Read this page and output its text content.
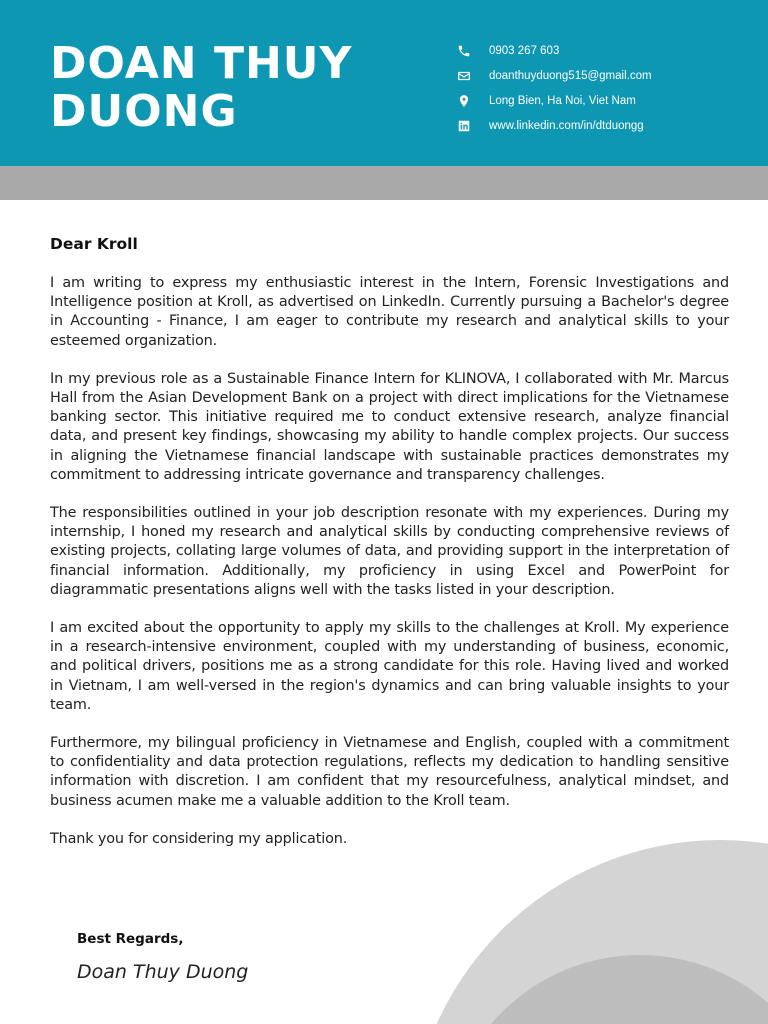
DOAN THUY
DUONG
0903 267 603
doanthuyduong515@gmail.com
Long Bien, Ha Noi, Viet Nam
www.linkedin.com/in/dtduongg

Dear Kroll

I am writing to express my enthusiastic interest in the Intern, Forensic Investigations and Intelligence position at Kroll, as advertised on LinkedIn. Currently pursuing a Bachelor's degree in Accounting - Finance, I am eager to contribute my research and analytical skills to your esteemed organization.

In my previous role as a Sustainable Finance Intern for KLINOVA, I collaborated with Mr. Marcus Hall from the Asian Development Bank on a project with direct implications for the Vietnamese banking sector. This initiative required me to conduct extensive research, analyze financial data, and present key findings, showcasing my ability to handle complex projects. Our success in aligning the Vietnamese financial landscape with sustainable practices demonstrates my commitment to addressing intricate governance and transparency challenges.

The responsibilities outlined in your job description resonate with my experiences. During my internship, I honed my research and analytical skills by conducting comprehensive reviews of existing projects, collating large volumes of data, and providing support in the interpretation of financial information. Additionally, my proficiency in using Excel and PowerPoint for diagrammatic presentations aligns well with the tasks listed in your description.

I am excited about the opportunity to apply my skills to the challenges at Kroll. My experience in a research-intensive environment, coupled with my understanding of business, economic, and political drivers, positions me as a strong candidate for this role. Having lived and worked in Vietnam, I am well-versed in the region's dynamics and can bring valuable insights to your team.

Furthermore, my bilingual proficiency in Vietnamese and English, coupled with a commitment to confidentiality and data protection regulations, reflects my dedication to handling sensitive information with discretion. I am confident that my resourcefulness, analytical mindset, and business acumen make me a valuable addition to the Kroll team.

Thank you for considering my application.

Best Regards,

Doan Thuy Duong
